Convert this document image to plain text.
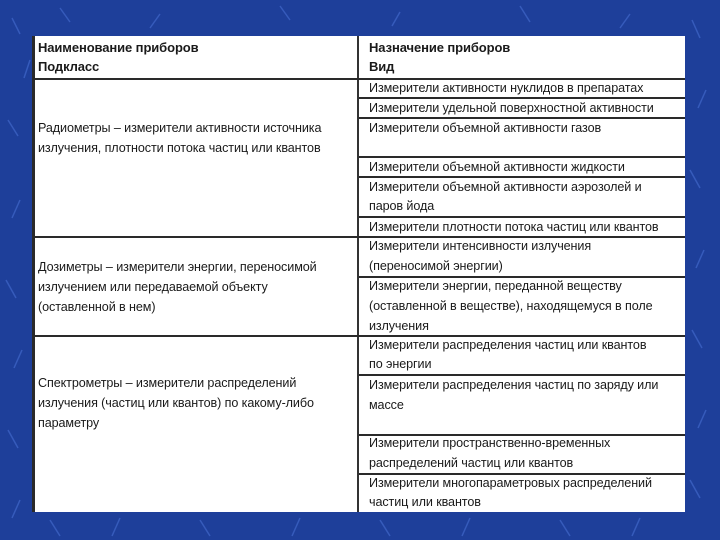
Наименование приборов
Подкласс
Назначение приборов
Вид
Радиометры – измерители активности источника
излучения, плотности потока частиц или квантов
Измерители активности нуклидов в препаратах
Измерители удельной поверхностной активности
Измерители объемной активности газов
Измерители объемной активности жидкости
Измерители объемной активности аэрозолей и
паров йода
Измерители плотности потока частиц или квантов
Дозиметры – измерители энергии, переносимой
излучением или передаваемой объекту
(оставленной в нем)
Измерители интенсивности излучения
(переносимой энергии)
Измерители энергии, переданной веществу
(оставленной в веществе), находящемуся в поле
излучения
Спектрометры – измерители распределений
излучения (частиц или квантов) по какому-либо
параметру
Измерители распределения частиц или квантов
по энергии
Измерители распределения частиц по заряду или
массе
Измерители пространственно-временных
распределений частиц или квантов
Измерители многопараметровых распределений
частиц или квантов
